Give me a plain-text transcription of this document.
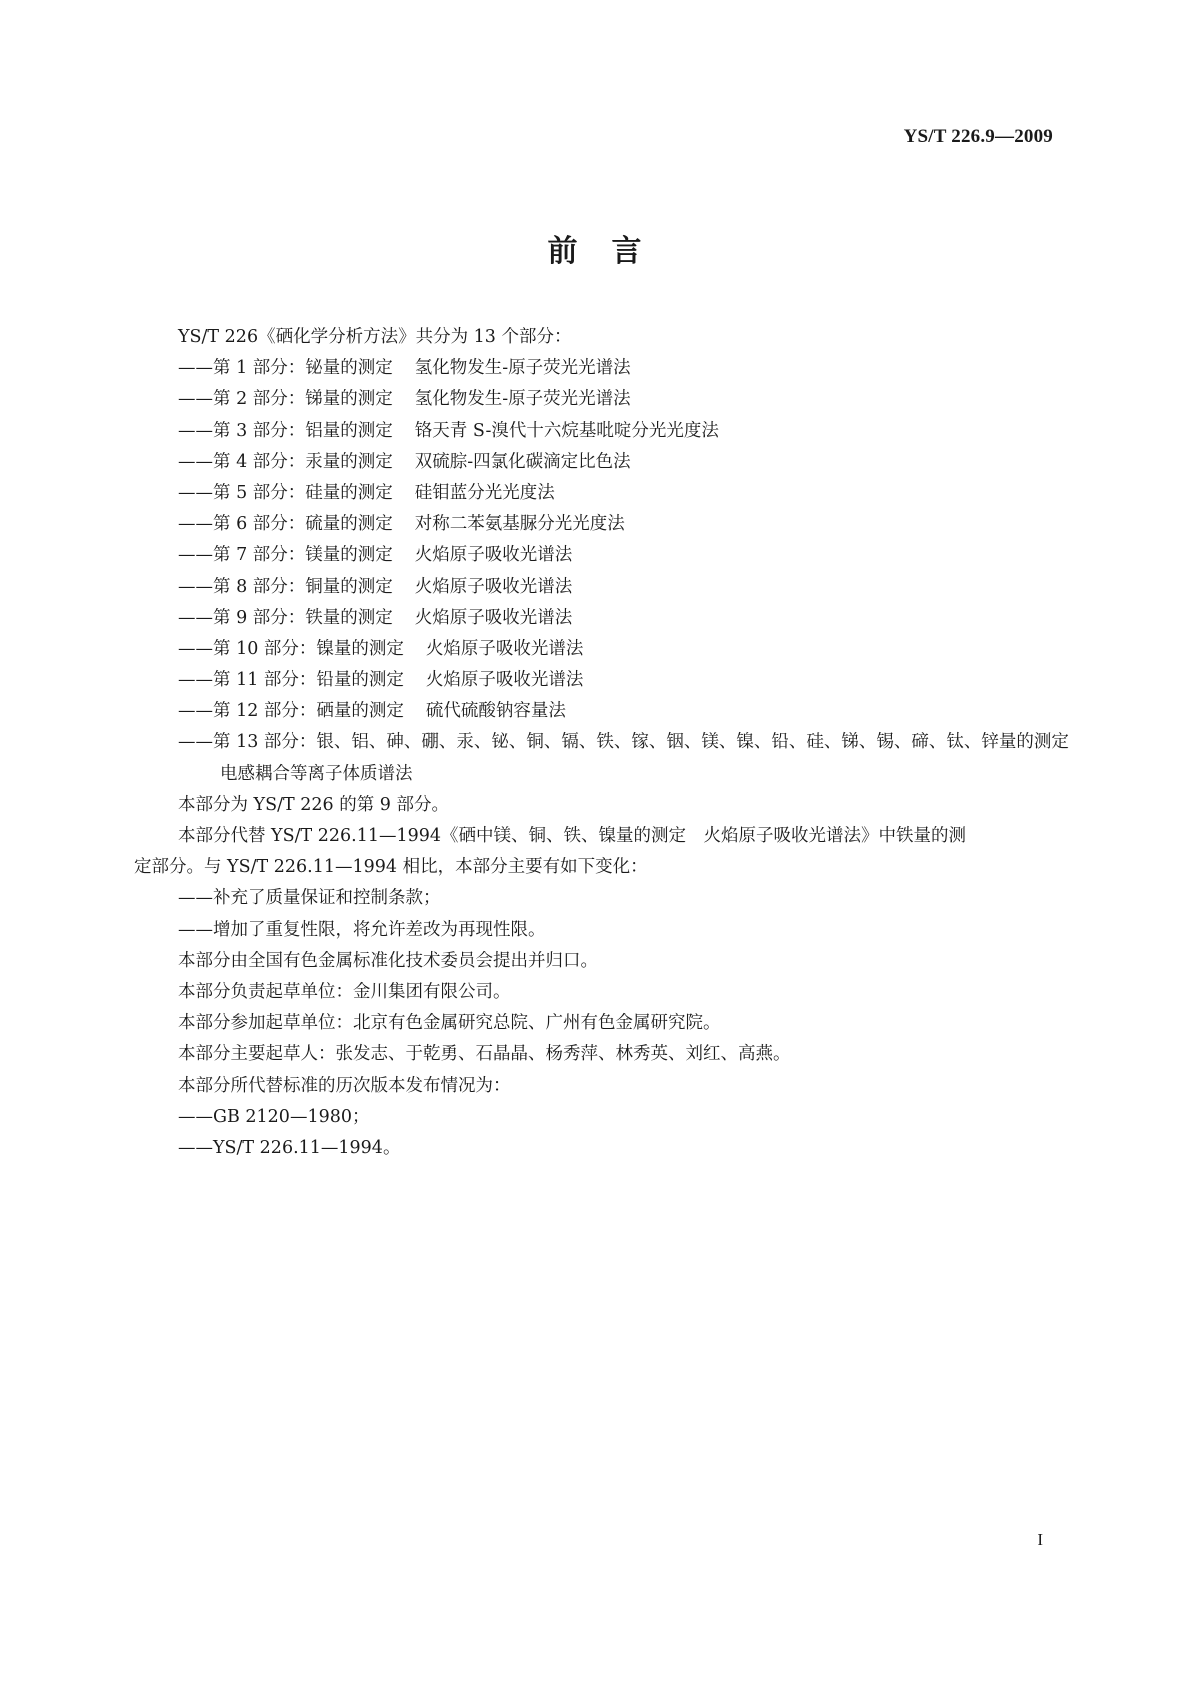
YS/T 226.9—2009
前　言
YS/T 226《硒化学分析方法》共分为 13 个部分：
——第 1 部分：铋量的测定 氢化物发生-原子荧光光谱法
——第 2 部分：锑量的测定 氢化物发生-原子荧光光谱法
——第 3 部分：铝量的测定 铬天青 S-溴代十六烷基吡啶分光光度法
——第 4 部分：汞量的测定 双硫腙-四氯化碳滴定比色法
——第 5 部分：硅量的测定 硅钼蓝分光光度法
——第 6 部分：硫量的测定 对称二苯氨基脲分光光度法
——第 7 部分：镁量的测定 火焰原子吸收光谱法
——第 8 部分：铜量的测定 火焰原子吸收光谱法
——第 9 部分：铁量的测定 火焰原子吸收光谱法
——第 10 部分：镍量的测定 火焰原子吸收光谱法
——第 11 部分：铅量的测定 火焰原子吸收光谱法
——第 12 部分：硒量的测定 硫代硫酸钠容量法
——第 13 部分：银、铝、砷、硼、汞、铋、铜、镉、铁、镓、铟、镁、镍、铅、硅、锑、锡、碲、钛、锌量的测定
电感耦合等离子体质谱法
本部分为 YS/T 226 的第 9 部分。
本部分代替 YS/T 226.11—1994《硒中镁、铜、铁、镍量的测定　火焰原子吸收光谱法》中铁量的测
定部分。与 YS/T 226.11—1994 相比，本部分主要有如下变化：
——补充了质量保证和控制条款；
——增加了重复性限，将允许差改为再现性限。
本部分由全国有色金属标准化技术委员会提出并归口。
本部分负责起草单位：金川集团有限公司。
本部分参加起草单位：北京有色金属研究总院、广州有色金属研究院。
本部分主要起草人：张发志、于乾勇、石晶晶、杨秀萍、林秀英、刘红、高燕。
本部分所代替标准的历次版本发布情况为：
——GB 2120—1980；
——YS/T 226.11—1994。
I
